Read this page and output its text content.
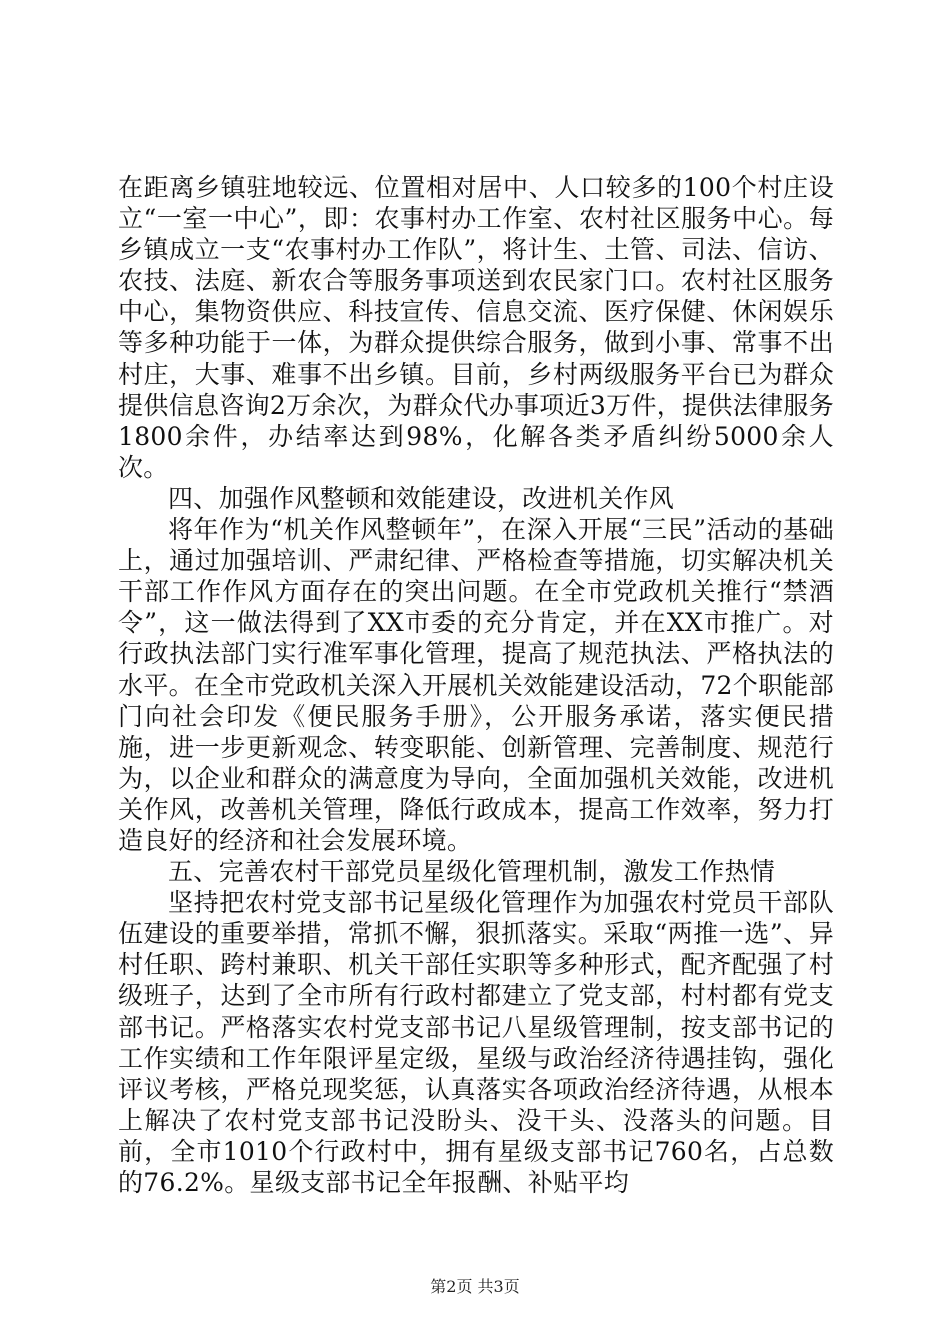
在距离乡镇驻地较远、位置相对居中、人口较多的100个村庄设立“一室一中心”，即：农事村办工作室、农村社区服务中心。每乡镇成立一支“农事村办工作队”，将计生、土管、司法、信访、农技、法庭、新农合等服务事项送到农民家门口。农村社区服务中心，集物资供应、科技宣传、信息交流、医疗保健、休闲娱乐等多种功能于一体，为群众提供综合服务，做到小事、常事不出村庄，大事、难事不出乡镇。目前，乡村两级服务平台已为群众提供信息咨询2万余次，为群众代办事项近3万件，提供法律服务1800余件，办结率达到98%，化解各类矛盾纠纷5000余人次。

四、加强作风整顿和效能建设，改进机关作风

将年作为“机关作风整顿年”，在深入开展“三民”活动的基础上，通过加强培训、严肃纪律、严格检查等措施，切实解决机关干部工作作风方面存在的突出问题。在全市党政机关推行“禁酒令”，这一做法得到了XX市委的充分肯定，并在XX市推广。对行政执法部门实行准军事化管理，提高了规范执法、严格执法的水平。在全市党政机关深入开展机关效能建设活动，72个职能部门向社会印发《便民服务手册》，公开服务承诺，落实便民措施，进一步更新观念、转变职能、创新管理、完善制度、规范行为，以企业和群众的满意度为导向，全面加强机关效能，改进机关作风，改善机关管理，降低行政成本，提高工作效率，努力打造良好的经济和社会发展环境。

五、完善农村干部党员星级化管理机制，激发工作热情

坚持把农村党支部书记星级化管理作为加强农村党员干部队伍建设的重要举措，常抓不懈，狠抓落实。采取“两推一选”、异村任职、跨村兼职、机关干部任实职等多种形式，配齐配强了村级班子，达到了全市所有行政村都建立了党支部，村村都有党支部书记。严格落实农村党支部书记八星级管理制，按支部书记的工作实绩和工作年限评星定级，星级与政治经济待遇挂钩，强化评议考核，严格兑现奖惩，认真落实各项政治经济待遇，从根本上解决了农村党支部书记没盼头、没干头、没落头的问题。目前，全市1010个行政村中，拥有星级支部书记760名，占总数的76.2%。星级支部书记全年报酬、补贴平均

第2页 共3页
